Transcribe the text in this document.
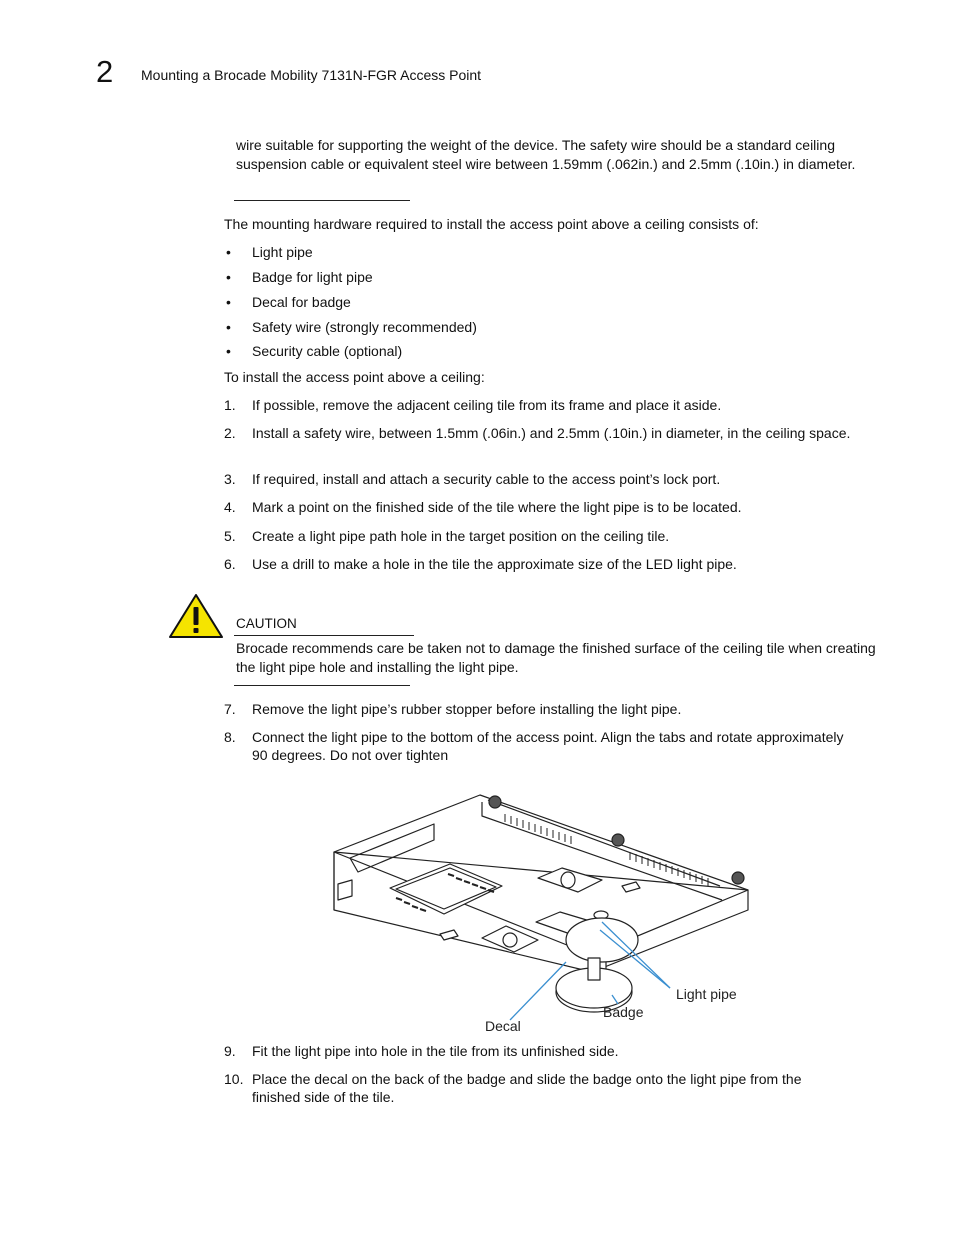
2 Mounting a Brocade Mobility 7131N-FGR Access Point
wire suitable for supporting the weight of the device. The safety wire should be a standard ceiling suspension cable or equivalent steel wire between 1.59mm (.062in.) and 2.5mm (.10in.) in diameter.
The mounting hardware required to install the access point above a ceiling consists of:
• Light pipe
• Badge for light pipe
• Decal for badge
• Safety wire (strongly recommended)
• Security cable (optional)
To install the access point above a ceiling:
1. If possible, remove the adjacent ceiling tile from its frame and place it aside.
2. Install a safety wire, between 1.5mm (.06in.) and 2.5mm (.10in.) in diameter, in the ceiling space.
3. If required, install and attach a security cable to the access point’s lock port.
4. Mark a point on the finished side of the tile where the light pipe is to be located.
5. Create a light pipe path hole in the target position on the ceiling tile.
6. Use a drill to make a hole in the tile the approximate size of the LED light pipe.
CAUTION
Brocade recommends care be taken not to damage the finished surface of the ceiling tile when creating the light pipe hole and installing the light pipe.
7. Remove the light pipe’s rubber stopper before installing the light pipe.
8. Connect the light pipe to the bottom of the access point. Align the tabs and rotate approximately 90 degrees. Do not over tighten
Light pipe
Badge
Decal
9. Fit the light pipe into hole in the tile from its unfinished side.
10. Place the decal on the back of the badge and slide the badge onto the light pipe from the finished side of the tile.
